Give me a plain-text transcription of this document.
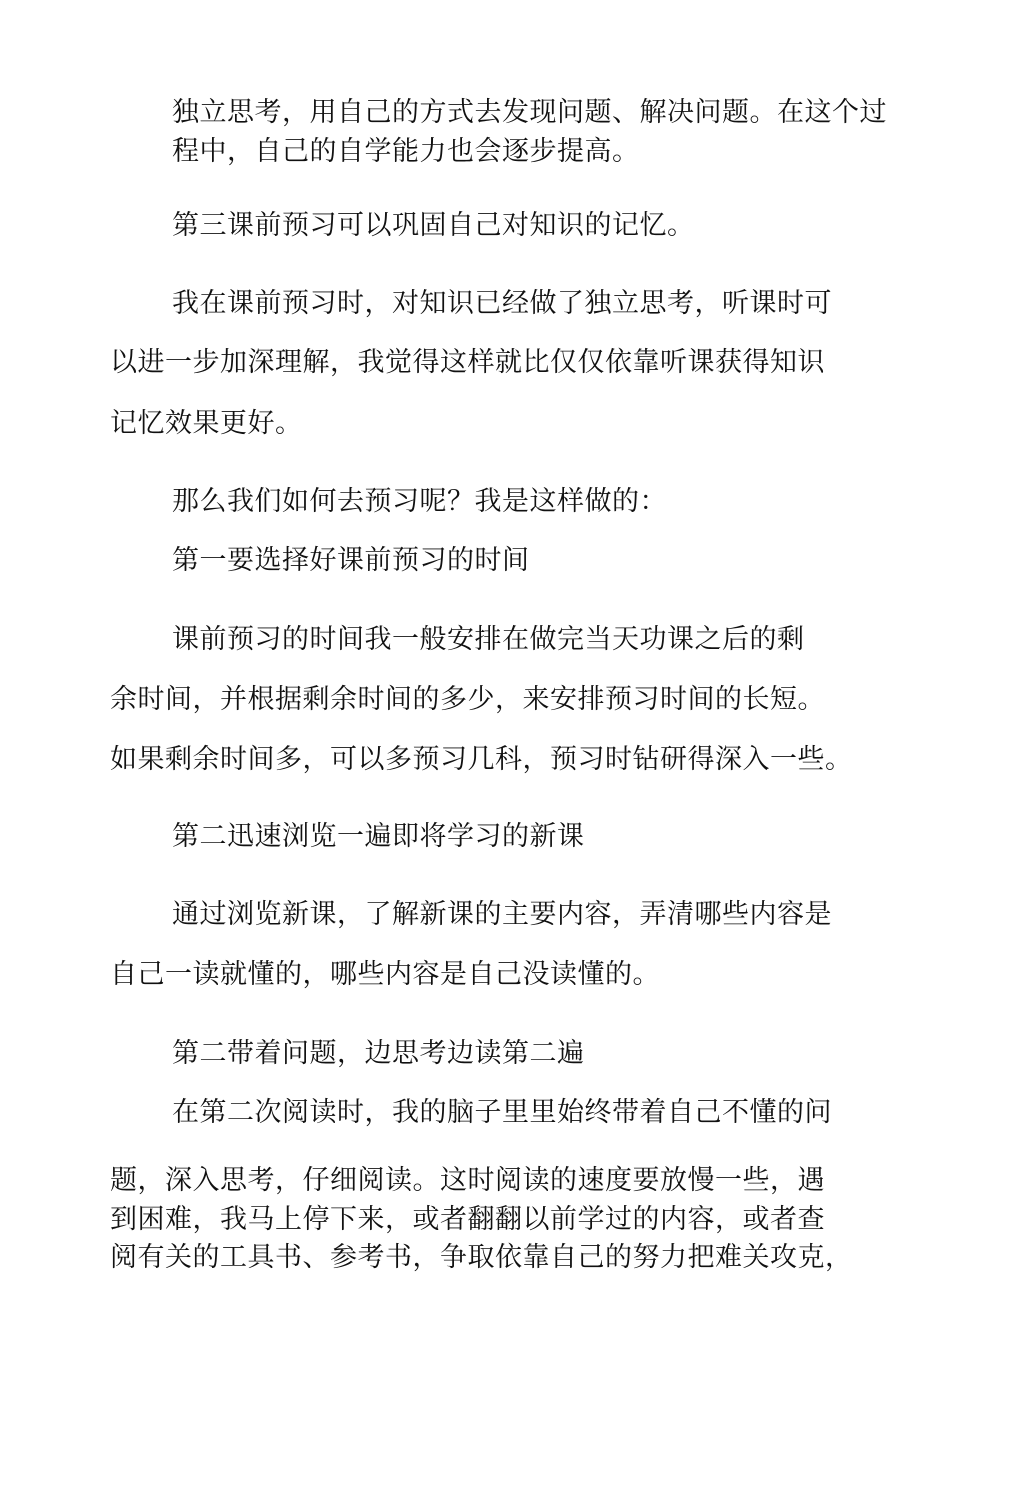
独立思考，用自己的方式去发现问题、解决问题。在这个过
程中，自己的自学能力也会逐步提高。
第三课前预习可以巩固自己对知识的记忆。
我在课前预习时，对知识已经做了独立思考，听课时可
以进一步加深理解，我觉得这样就比仅仅依靠听课获得知识
记忆效果更好。
那么我们如何去预习呢？我是这样做的：
第一要选择好课前预习的时间
课前预习的时间我一般安排在做完当天功课之后的剩
余时间，并根据剩余时间的多少，来安排预习时间的长短。
如果剩余时间多，可以多预习几科，预习时钻研得深入一些。
第二迅速浏览一遍即将学习的新课
通过浏览新课，了解新课的主要内容，弄清哪些内容是
自己一读就懂的，哪些内容是自己没读懂的。
第二带着问题，边思考边读第二遍
在第二次阅读时，我的脑子里里始终带着自己不懂的问
题，深入思考，仔细阅读。这时阅读的速度要放慢一些，遇
到困难，我马上停下来，或者翻翻以前学过的内容，或者查
阅有关的工具书、参考书，争取依靠自己的努力把难关攻克，
